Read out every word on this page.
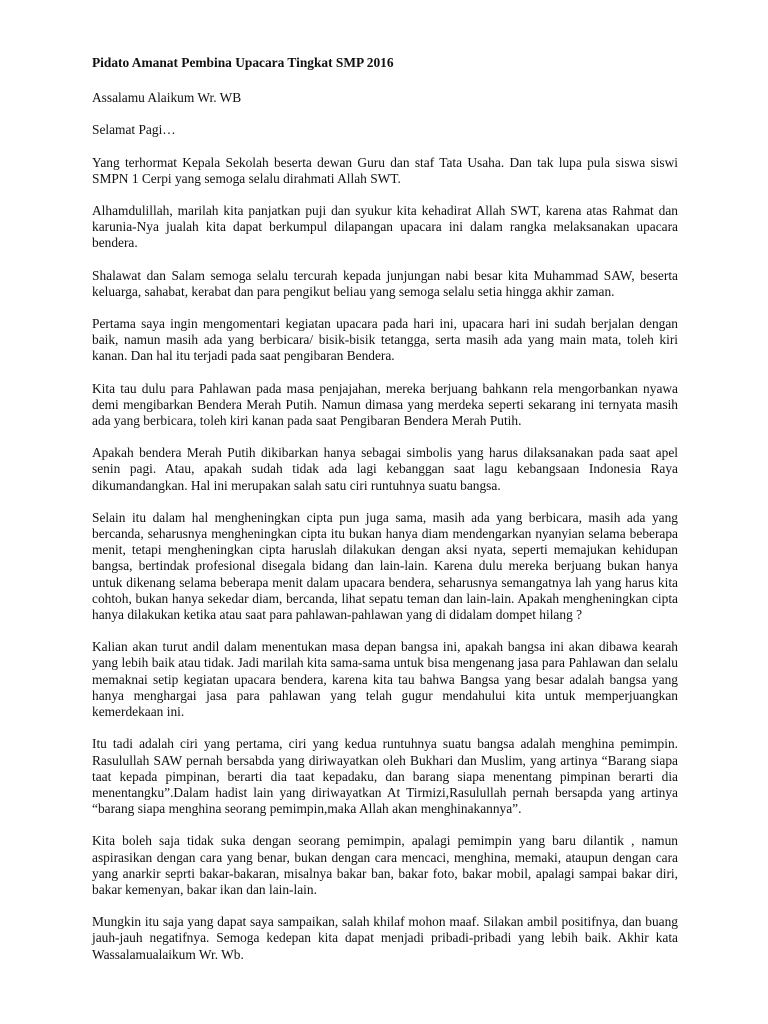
Pidato Amanat Pembina Upacara Tingkat SMP 2016

Assalamu Alaikum Wr. WB

Selamat Pagi…

Yang terhormat Kepala Sekolah beserta dewan Guru dan staf Tata Usaha. Dan tak lupa pula siswa siswi SMPN 1 Cerpi yang semoga selalu dirahmati Allah SWT.

Alhamdulillah, marilah kita panjatkan puji dan syukur kita kehadirat Allah SWT, karena atas Rahmat dan karunia-Nya jualah kita dapat berkumpul dilapangan upacara ini dalam rangka melaksanakan upacara bendera.

Shalawat dan Salam semoga selalu tercurah kepada junjungan nabi besar kita Muhammad SAW, beserta keluarga, sahabat, kerabat dan para pengikut beliau yang semoga selalu setia hingga akhir zaman.

Pertama saya ingin mengomentari kegiatan upacara pada hari ini, upacara hari ini sudah berjalan dengan baik, namun masih ada yang berbicara/ bisik-bisik tetangga, serta masih ada yang main mata, toleh kiri kanan. Dan hal itu terjadi pada saat pengibaran Bendera.

Kita tau dulu para Pahlawan pada masa penjajahan, mereka berjuang bahkann rela mengorbankan nyawa demi mengibarkan Bendera Merah Putih. Namun dimasa yang merdeka seperti sekarang ini ternyata masih ada yang berbicara, toleh kiri kanan pada saat Pengibaran Bendera Merah Putih.

Apakah bendera Merah Putih dikibarkan hanya sebagai simbolis yang harus dilaksanakan pada saat apel senin pagi. Atau, apakah sudah tidak ada lagi kebanggan saat lagu kebangsaan Indonesia Raya dikumandangkan. Hal ini merupakan salah satu ciri runtuhnya suatu bangsa.

Selain itu dalam hal mengheningkan cipta pun juga sama, masih ada yang berbicara, masih ada yang bercanda, seharusnya mengheningkan cipta itu bukan hanya diam mendengarkan nyanyian selama beberapa menit, tetapi mengheningkan cipta haruslah dilakukan dengan aksi nyata, seperti memajukan kehidupan bangsa, bertindak profesional disegala bidang dan lain-lain. Karena dulu mereka berjuang bukan hanya untuk dikenang selama beberapa menit dalam upacara bendera, seharusnya semangatnya lah yang harus kita cohtoh, bukan hanya sekedar diam, bercanda, lihat sepatu teman dan lain-lain. Apakah mengheningkan cipta hanya dilakukan ketika atau saat para pahlawan-pahlawan yang di didalam dompet hilang ?

Kalian akan turut andil dalam menentukan masa depan bangsa ini, apakah bangsa ini akan dibawa kearah yang lebih baik atau tidak. Jadi marilah kita sama-sama untuk bisa mengenang jasa para Pahlawan dan selalu memaknai setip kegiatan upacara bendera, karena kita tau bahwa Bangsa yang besar adalah bangsa yang hanya menghargai jasa para pahlawan yang telah gugur mendahului kita untuk memperjuangkan kemerdekaan ini.

Itu tadi adalah ciri yang pertama, ciri yang kedua runtuhnya suatu bangsa adalah menghina pemimpin. Rasulullah SAW pernah bersabda yang diriwayatkan oleh Bukhari dan Muslim, yang artinya “Barang siapa taat kepada pimpinan, berarti dia taat kepadaku, dan barang siapa menentang pimpinan berarti dia menentangku”.Dalam hadist lain yang diriwayatkan At Tirmizi,Rasulullah pernah bersapda yang artinya “barang siapa menghina seorang pemimpin,maka Allah akan menghinakannya”.

Kita boleh saja tidak suka dengan seorang pemimpin, apalagi pemimpin yang baru dilantik , namun aspirasikan dengan cara yang benar, bukan dengan cara mencaci, menghina, memaki, ataupun dengan cara yang anarkir seprti bakar-bakaran, misalnya bakar ban, bakar foto, bakar mobil, apalagi sampai bakar diri, bakar kemenyan, bakar ikan dan lain-lain.

Mungkin itu saja yang dapat saya sampaikan, salah khilaf mohon maaf. Silakan ambil positifnya, dan buang jauh-jauh negatifnya. Semoga kedepan kita dapat menjadi pribadi-pribadi yang lebih baik. Akhir kata Wassalamualaikum Wr. Wb.
